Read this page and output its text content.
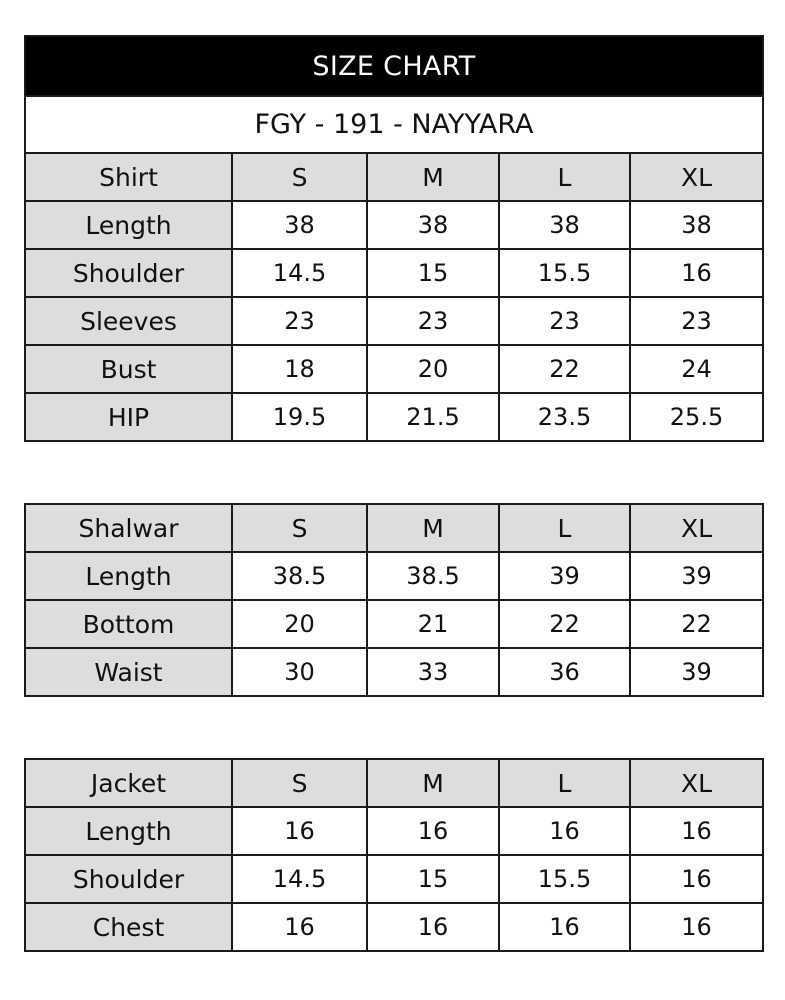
SIZE CHART				
FGY - 191 - NAYYARA				
Shirt	S	M	L	XL
Length	38	38	38	38
Shoulder	14.5	15	15.5	16
Sleeves	23	23	23	23
Bust	18	20	22	24
HIP	19.5	21.5	23.5	25.5
Shalwar	S	M	L	XL
Length	38.5	38.5	39	39
Bottom	20	21	22	22
Waist	30	33	36	39
Jacket	S	M	L	XL
Length	16	16	16	16
Shoulder	14.5	15	15.5	16
Chest	16	16	16	16
